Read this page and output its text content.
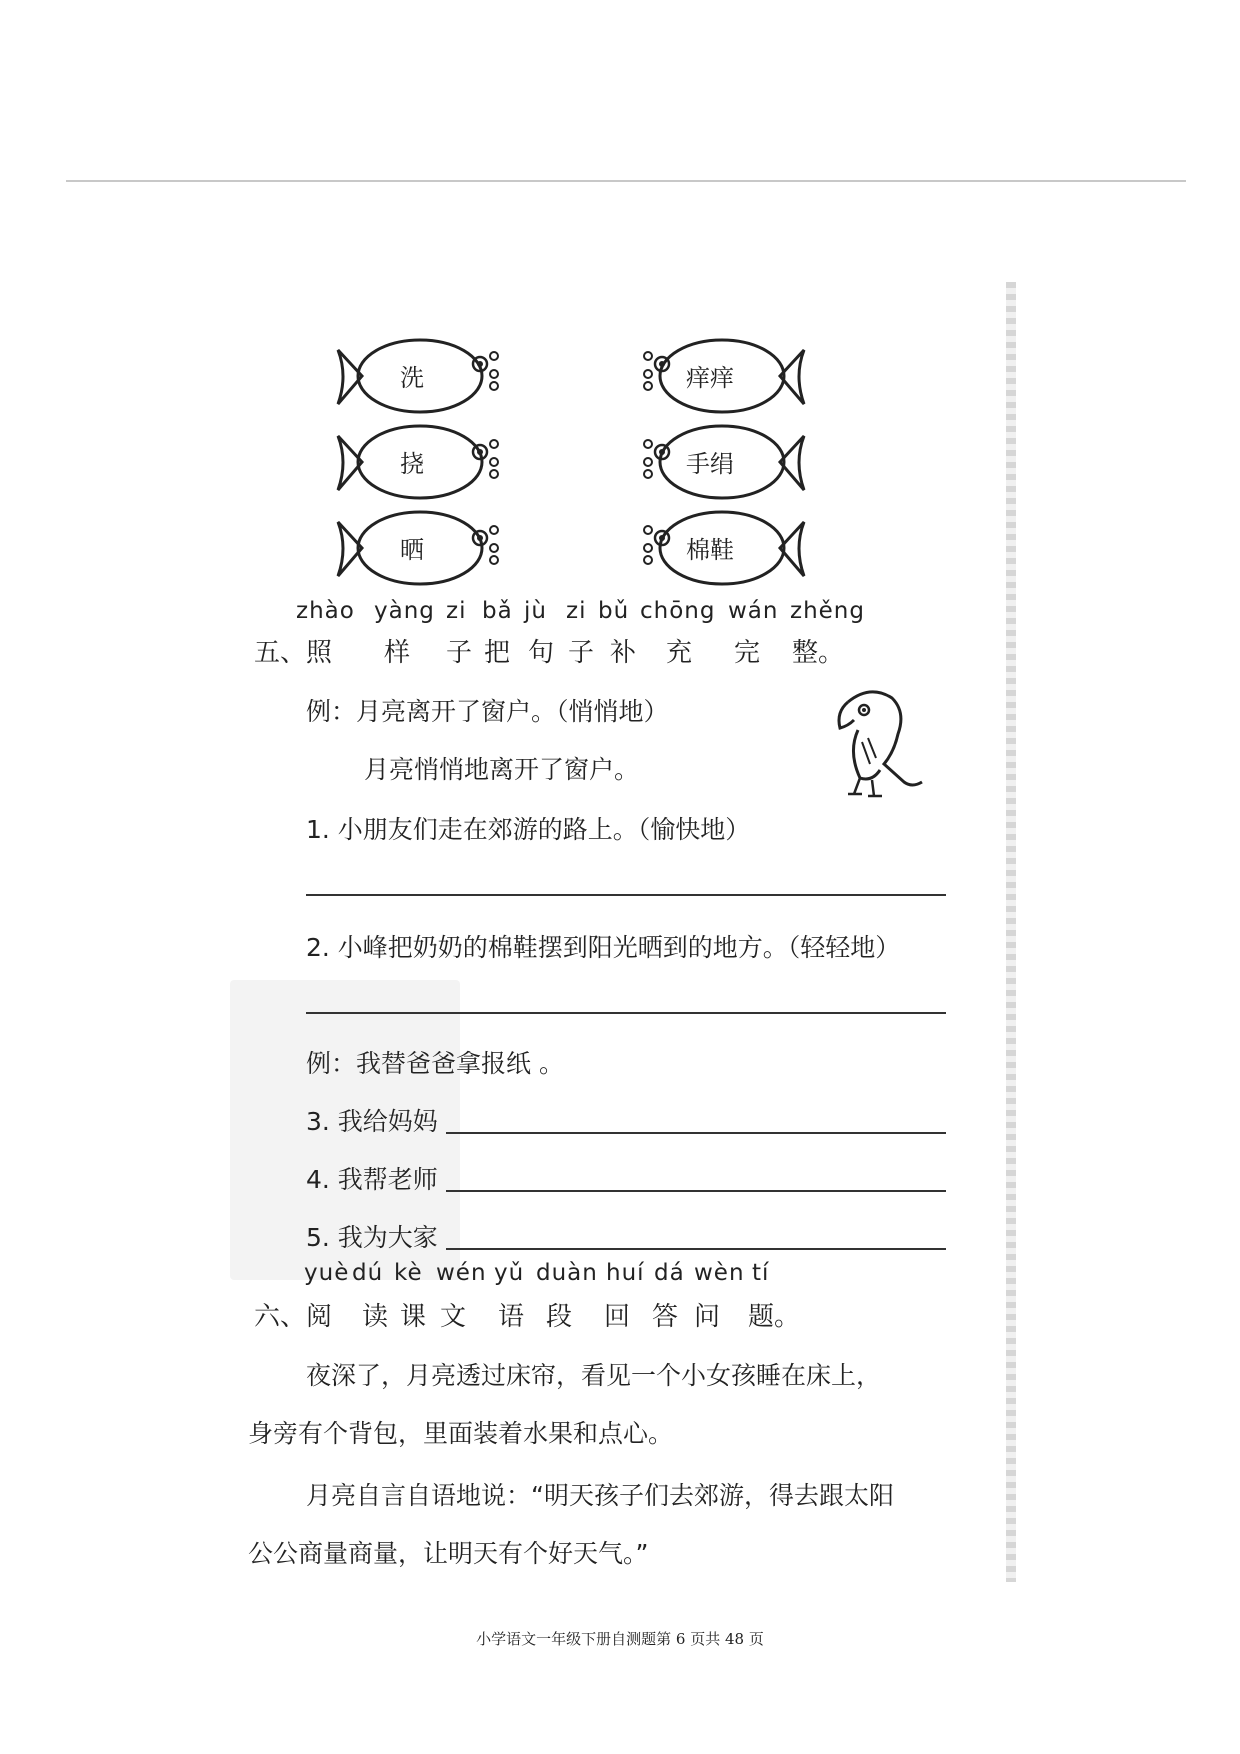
洗
挠
晒
痒痒
手绢
棉鞋
zhào yàng zi bǎ jù zi bǔ chōng wán zhěng
五、照 样 子 把 句 子 补 充 完 整。
例：月亮离开了窗户。（悄悄地）
月亮悄悄地离开了窗户。
1. 小朋友们走在郊游的路上。（愉快地）
2. 小峰把奶奶的棉鞋摆到阳光晒到的地方。（轻轻地）
例：我替爸爸拿报纸 。
3. 我给妈妈
4. 我帮老师
5. 我为大家
yuè dú kè wén yǔ duàn huí dá wèn tí
六、阅 读 课 文 语 段 回 答 问 题。
夜深了，月亮透过床帘，看见一个小女孩睡在床上，
身旁有个背包，里面装着水果和点心。
月亮自言自语地说：“明天孩子们去郊游，得去跟太阳
公公商量商量，让明天有个好天气。”
小学语文一年级下册自测题第 6 页共 48 页
